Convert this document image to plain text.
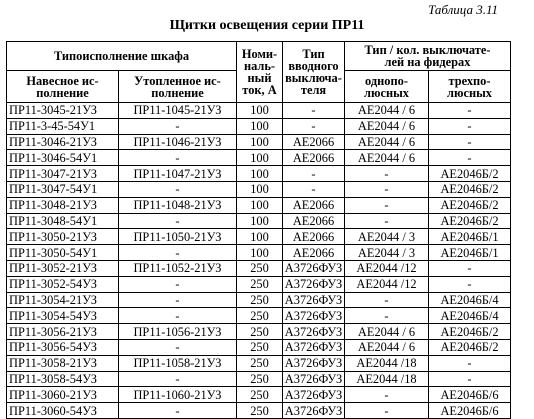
Таблица 3.11
Щитки освещения серии ПР11
Типоисполнение шкафа		Номи-
наль-
ный
ток, А	Тип
вводного
выключа-
теля	Тип / кол. выключате-
лей на фидерах	

Навесное ис-
полнение	Утопленное ис-
полнение			однопо-
люсных	трехпо-
люсных

ПР11-3045-21УЗ	ПР11-1045-21УЗ	100	-	АЕ2044 / 6	-
ПР11-3-45-54У1	-	100	-	АЕ2044 / 6	-
ПР11-3046-21УЗ	ПР11-1046-21УЗ	100	АЕ2066	АЕ2044 / 6	-
ПР11-3046-54У1	-	100	АЕ2066	АЕ2044 / 6	-
ПР11-3047-21УЗ	ПР11-1047-21УЗ	100	-	-	АЕ2046Б/2
ПР11-3047-54У1	-	100	-	-	АЕ2046Б/2
ПР11-3048-21УЗ	ПР11-1048-21УЗ	100	АЕ2066	-	АЕ2046Б/2
ПР11-3048-54У1	-	100	АЕ2066	-	АЕ2046Б/2
ПР11-3050-21УЗ	ПР11-1050-21УЗ	100	АЕ2066	АЕ2044 / 3	АЕ2046Б/1
ПР11-3050-54У1	-	100	АЕ2066	АЕ2044 / 3	АЕ2046Б/1
ПР11-3052-21УЗ	ПР11-1052-21УЗ	250	А3726ФУЗ	АЕ2044 /12	-
ПР11-3052-54УЗ	-	250	А3726ФУЗ	АЕ2044 /12	-
ПР11-3054-21УЗ	-	250	А3726ФУЗ	-	АЕ2046Б/4
ПР11-3054-54УЗ	-	250	А3726ФУЗ	-	АЕ2046Б/4
ПР11-3056-21УЗ	ПР11-1056-21УЗ	250	А3726ФУЗ	АЕ2044 / 6	АЕ2046Б/2
ПР11-3056-54УЗ	-	250	А3726ФУЗ	АЕ2044 / 6	АЕ2046Б/2
ПР11-3058-21УЗ	ПР11-1058-21УЗ	250	А3726ФУЗ	АЕ2044 /18	-
ПР11-3058-54УЗ	-	250	А3726ФУЗ	АЕ2044 /18	-
ПР11-3060-21УЗ	ПР11-1060-21УЗ	250	А3726ФУЗ	-	АЕ2046Б/6
ПР11-3060-54УЗ	-	250	А3726ФУЗ	-	АЕ2046Б/6
